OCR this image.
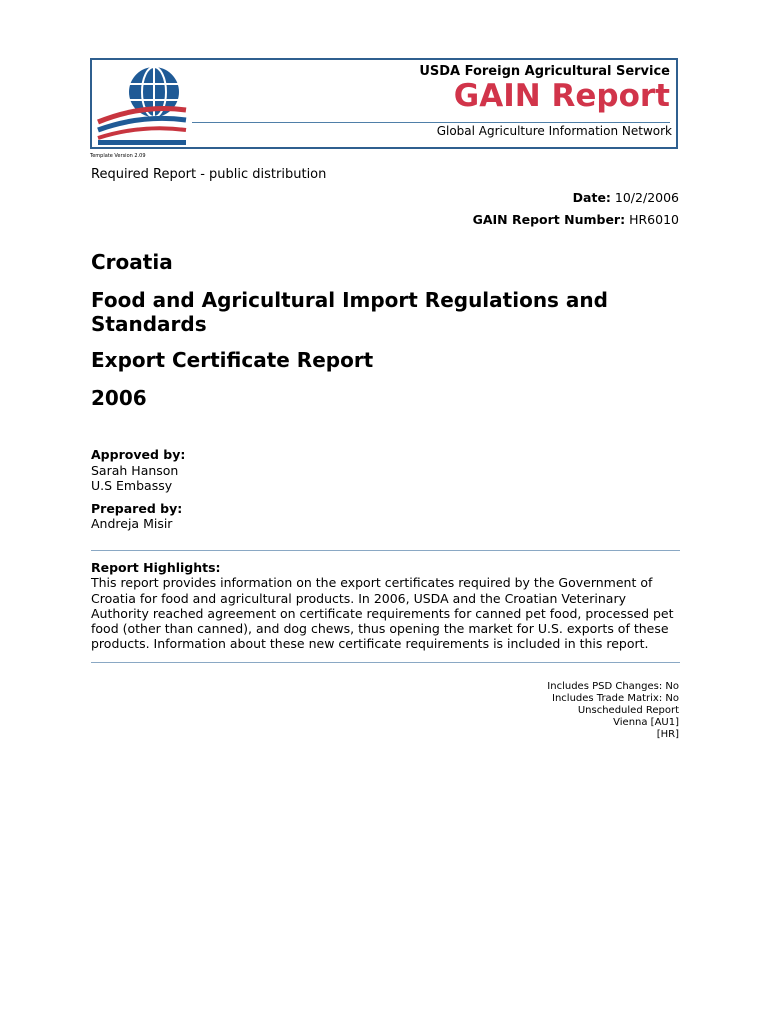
USDA Foreign Agricultural Service
GAIN Report
Global Agriculture Information Network
Template Version 2.09
Required Report - public distribution
Date: 10/2/2006
GAIN Report Number: HR6010
Croatia
Food and Agricultural Import Regulations and Standards
Export Certificate Report
2006
Approved by:
Sarah Hanson
U.S Embassy
Prepared by:
Andreja Misir
Report Highlights:
This report provides information on the export certificates required by the Government of Croatia for food and agricultural products. In 2006, USDA and the Croatian Veterinary Authority reached agreement on certificate requirements for canned pet food, processed pet food (other than canned), and dog chews, thus opening the market for U.S. exports of these products. Information about these new certificate requirements is included in this report.
Includes PSD Changes: No
Includes Trade Matrix: No
Unscheduled Report
Vienna [AU1]
[HR]
